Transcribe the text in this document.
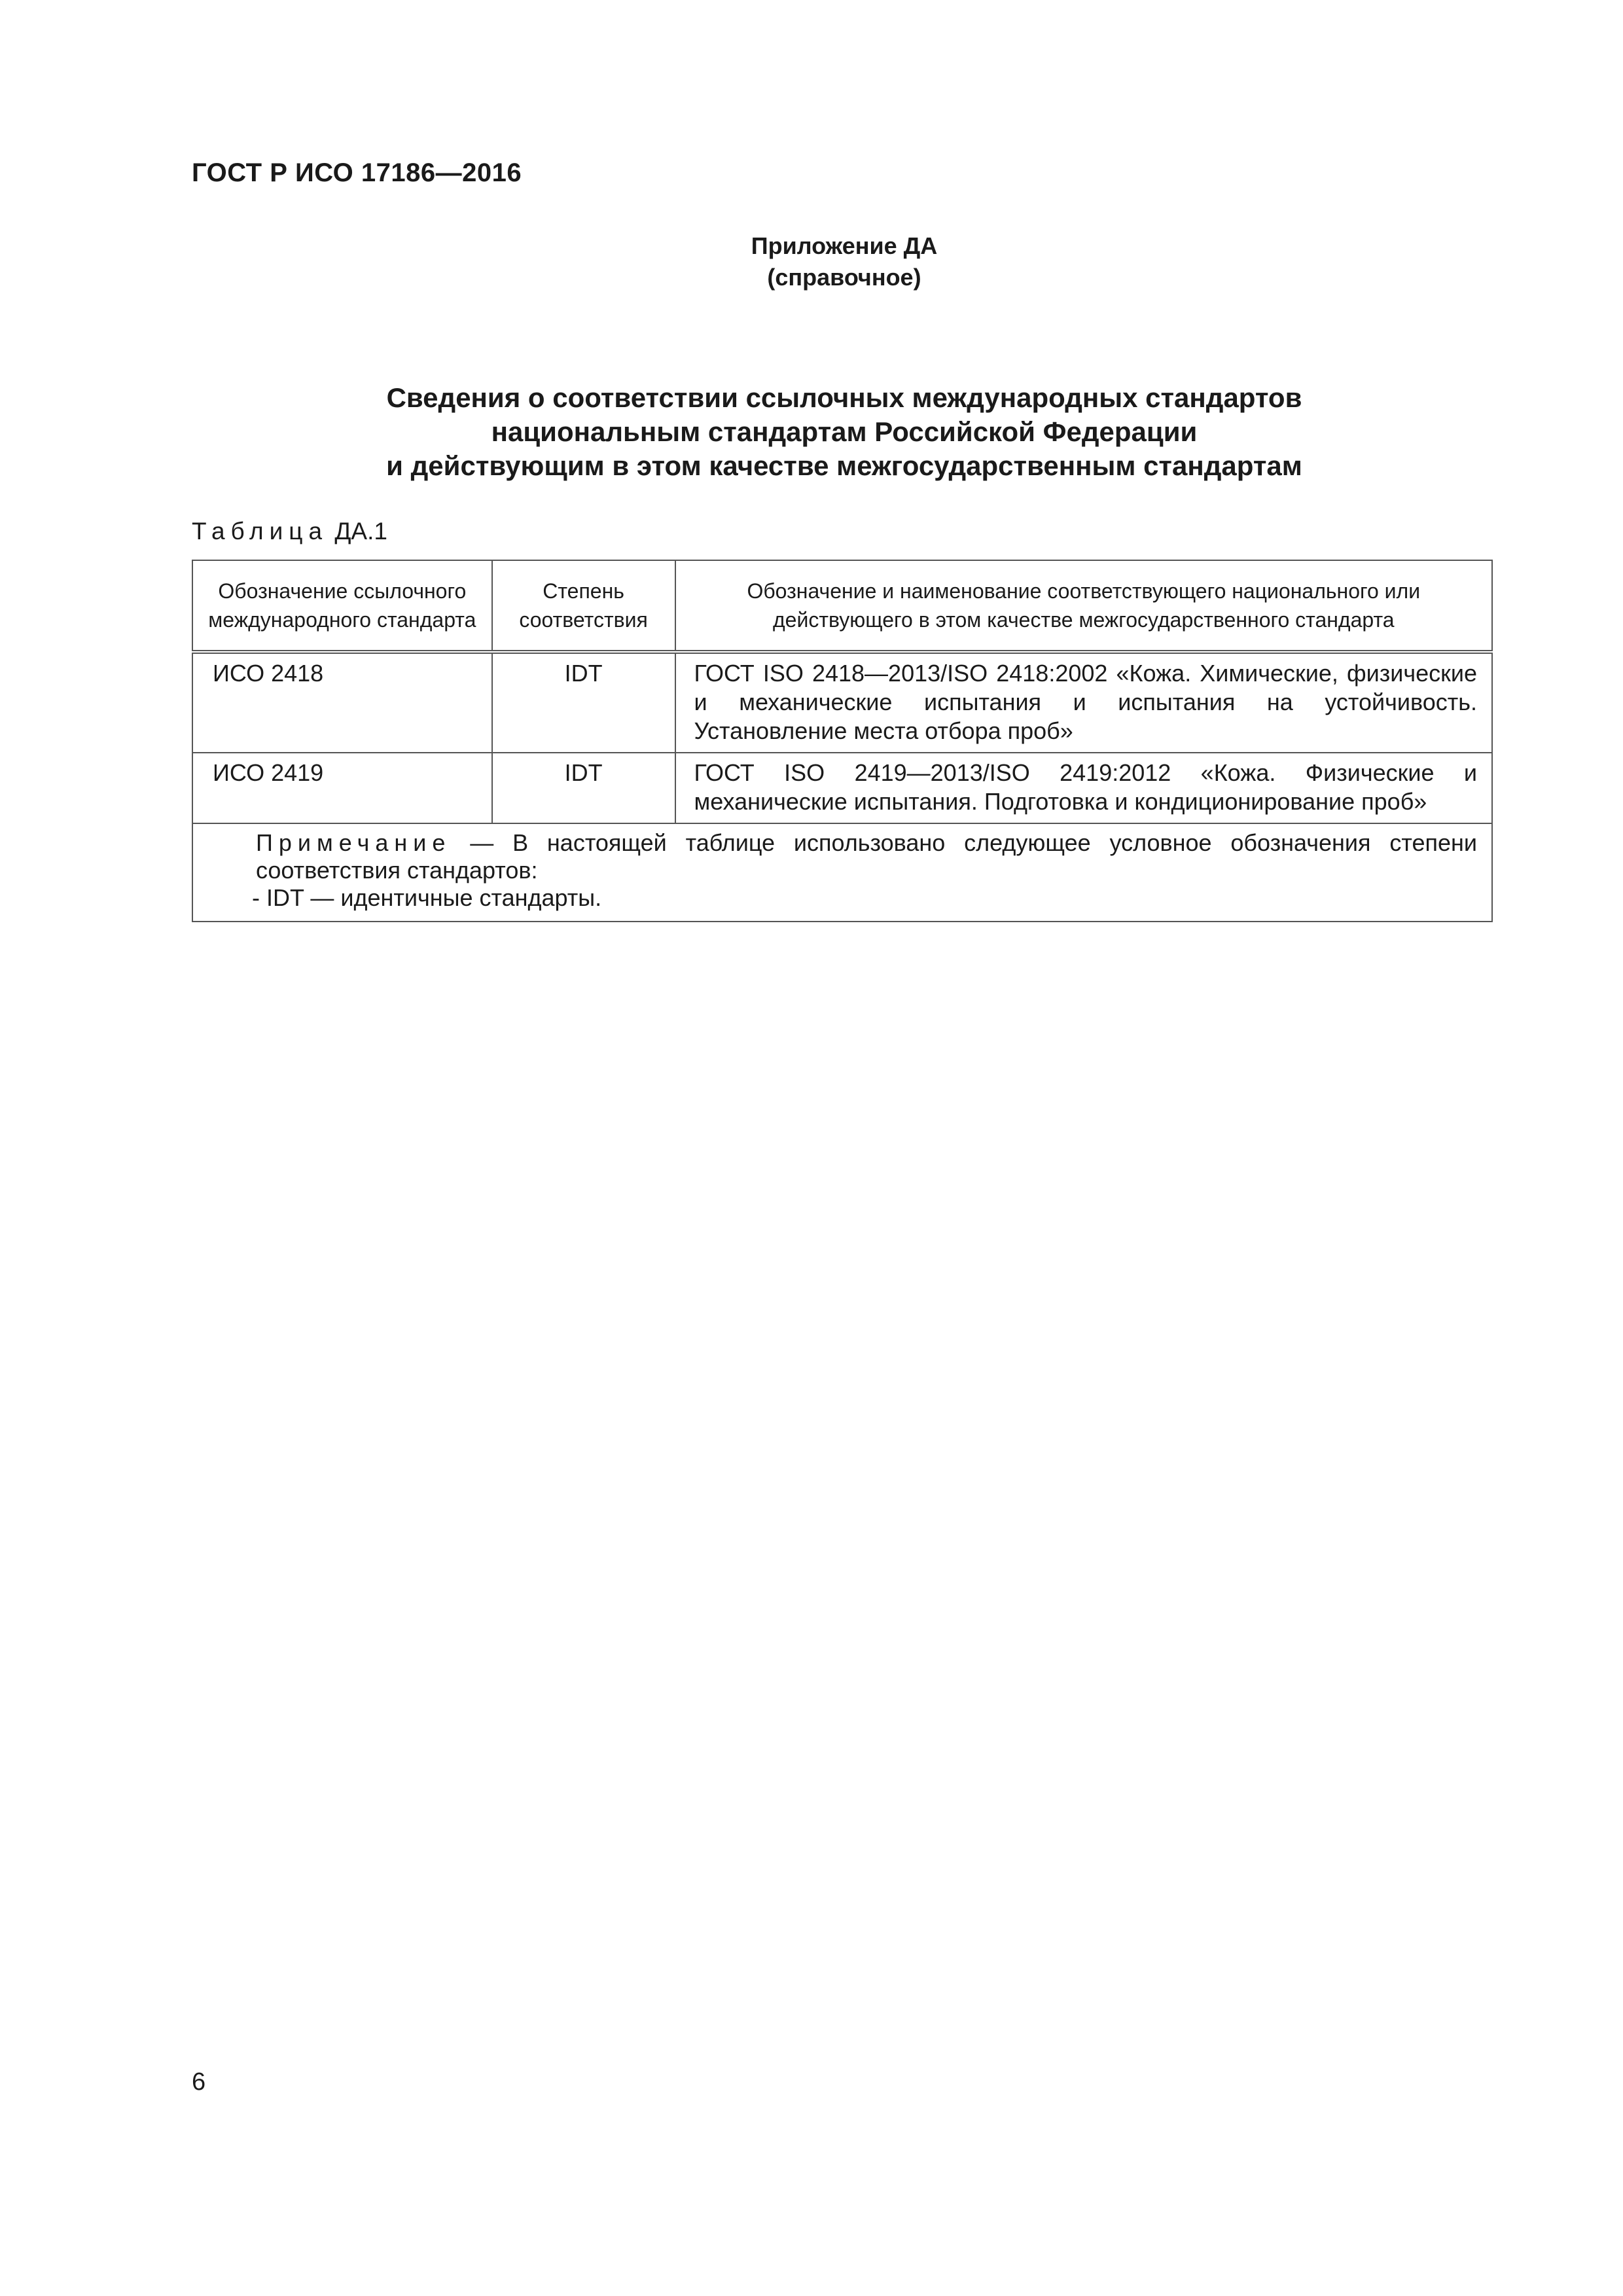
ГОСТ Р ИСО 17186—2016
Приложение ДА
(справочное)
Сведения о соответствии ссылочных международных стандартов
национальным стандартам Российской Федерации
и действующим в этом качестве межгосударственным стандартам
Таблица ДА.1
Обозначение ссылочного международного стандарта	Степень соответствия	Обозначение и наименование соответствующего национального или действующего в этом качестве межгосударственного стандарта
ИСО 2418	IDT	ГОСТ ISO 2418—2013/ISO 2418:2002 «Кожа. Химические, физические и механические испытания и испытания на устойчивость. Установление места отбора проб»
ИСО 2419	IDT	ГОСТ ISO 2419—2013/ISO 2419:2012 «Кожа. Физические и механические испытания. Подготовка и кондиционирование проб»

Примечание — В настоящей таблице использовано следующее условное обозначения степени соответствия стандартов:
- IDT — идентичные стандарты.		
6
